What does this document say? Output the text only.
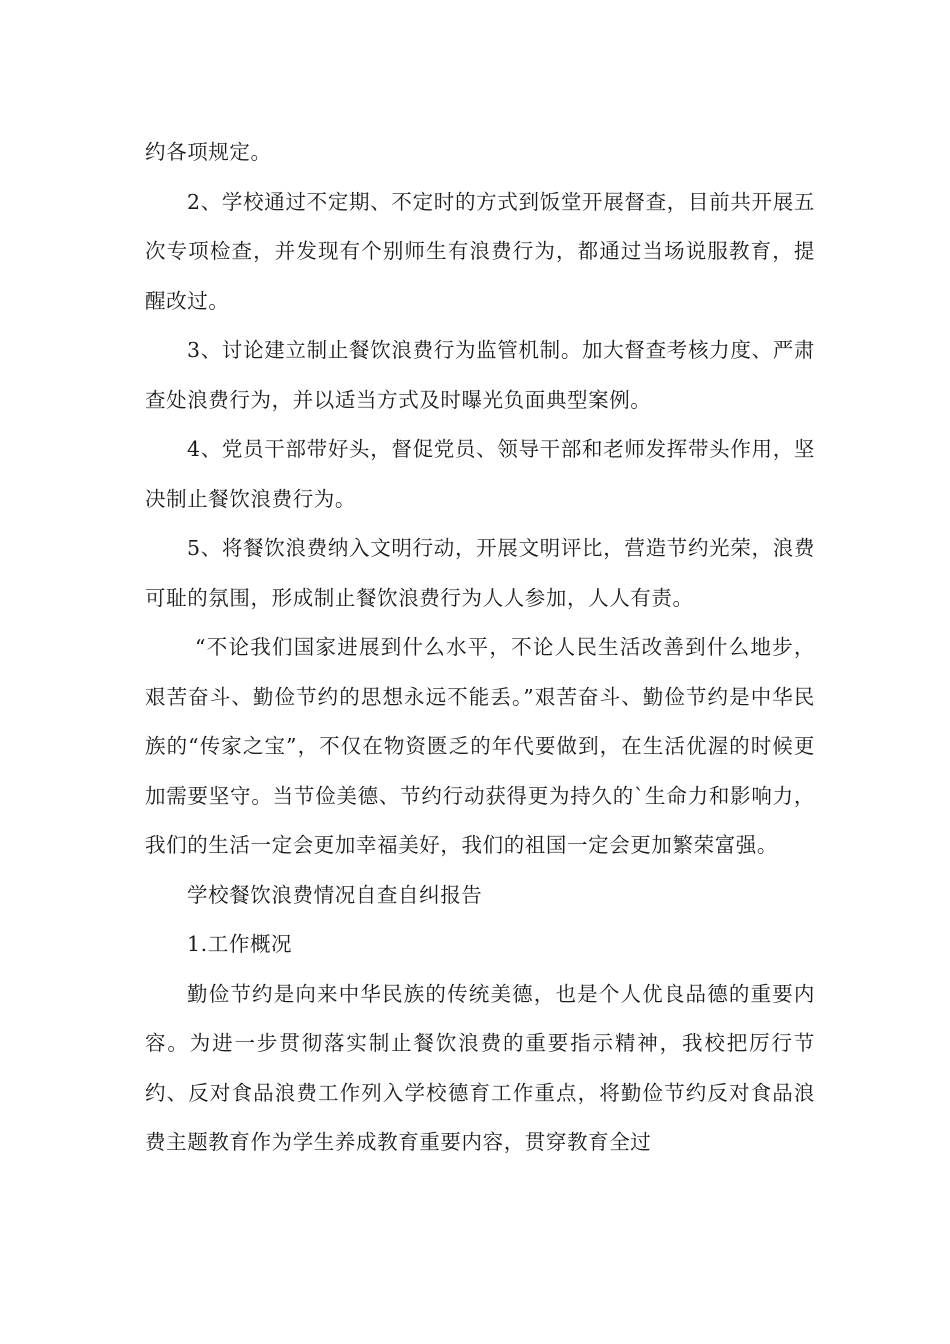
约各项规定。

2、学校通过不定期、不定时的方式到饭堂开展督查，目前共开展五次专项检查，并发现有个别师生有浪费行为，都通过当场说服教育，提醒改过。

3、讨论建立制止餐饮浪费行为监管机制。加大督查考核力度、严肃查处浪费行为，并以适当方式及时曝光负面典型案例。

4、党员干部带好头，督促党员、领导干部和老师发挥带头作用，坚决制止餐饮浪费行为。

5、将餐饮浪费纳入文明行动，开展文明评比，营造节约光荣，浪费可耻的氛围，形成制止餐饮浪费行为人人参加，人人有责。

“不论我们国家进展到什么水平，不论人民生活改善到什么地步，艰苦奋斗、勤俭节约的思想永远不能丢。”艰苦奋斗、勤俭节约是中华民族的“传家之宝”，不仅在物资匮乏的年代要做到，在生活优渥的时候更加需要坚守。当节俭美德、节约行动获得更为持久的`生命力和影响力，我们的生活一定会更加幸福美好，我们的祖国一定会更加繁荣富强。

学校餐饮浪费情况自查自纠报告

1.工作概况

勤俭节约是向来中华民族的传统美德，也是个人优良品德的重要内容。为进一步贯彻落实制止餐饮浪费的重要指示精神，我校把厉行节约、反对食品浪费工作列入学校德育工作重点，将勤俭节约反对食品浪费主题教育作为学生养成教育重要内容，贯穿教育全过
